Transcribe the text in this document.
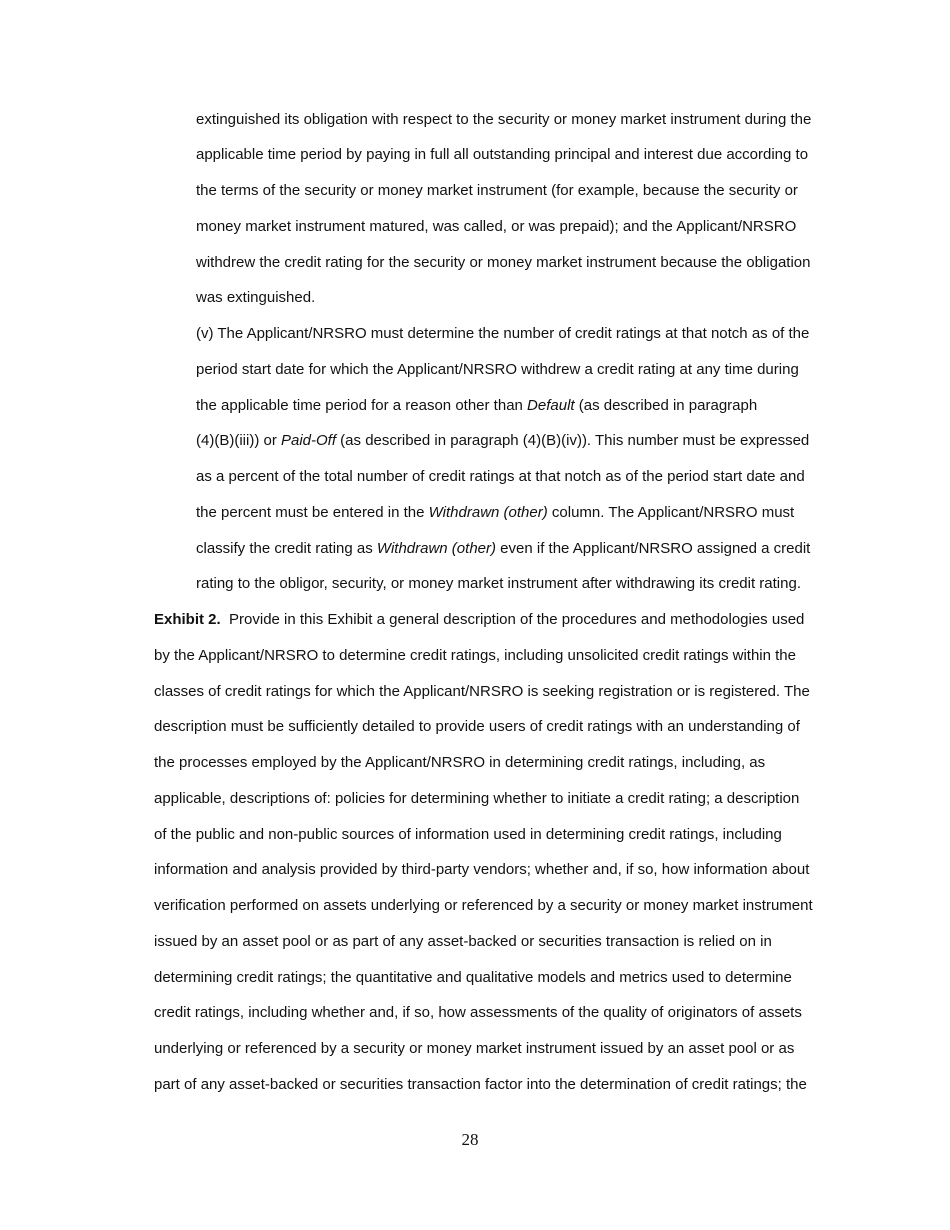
extinguished its obligation with respect to the security or money market instrument during the
applicable time period by paying in full all outstanding principal and interest due according to
the terms of the security or money market instrument (for example, because the security or
money market instrument matured, was called, or was prepaid); and the Applicant/NRSRO
withdrew the credit rating for the security or money market instrument because the obligation
was extinguished.
(v) The Applicant/NRSRO must determine the number of credit ratings at that notch as of the
period start date for which the Applicant/NRSRO withdrew a credit rating at any time during
the applicable time period for a reason other than Default (as described in paragraph
(4)(B)(iii)) or Paid-Off (as described in paragraph (4)(B)(iv)). This number must be expressed
as a percent of the total number of credit ratings at that notch as of the period start date and
the percent must be entered in the Withdrawn (other) column. The Applicant/NRSRO must
classify the credit rating as Withdrawn (other) even if the Applicant/NRSRO assigned a credit
rating to the obligor, security, or money market instrument after withdrawing its credit rating.
Exhibit 2.  Provide in this Exhibit a general description of the procedures and methodologies used
by the Applicant/NRSRO to determine credit ratings, including unsolicited credit ratings within the
classes of credit ratings for which the Applicant/NRSRO is seeking registration or is registered. The
description must be sufficiently detailed to provide users of credit ratings with an understanding of
the processes employed by the Applicant/NRSRO in determining credit ratings, including, as
applicable, descriptions of: policies for determining whether to initiate a credit rating; a description
of the public and non-public sources of information used in determining credit ratings, including
information and analysis provided by third-party vendors; whether and, if so, how information about
verification performed on assets underlying or referenced by a security or money market instrument
issued by an asset pool or as part of any asset-backed or securities transaction is relied on in
determining credit ratings; the quantitative and qualitative models and metrics used to determine
credit ratings, including whether and, if so, how assessments of the quality of originators of assets
underlying or referenced by a security or money market instrument issued by an asset pool or as
part of any asset-backed or securities transaction factor into the determination of credit ratings; the
28
